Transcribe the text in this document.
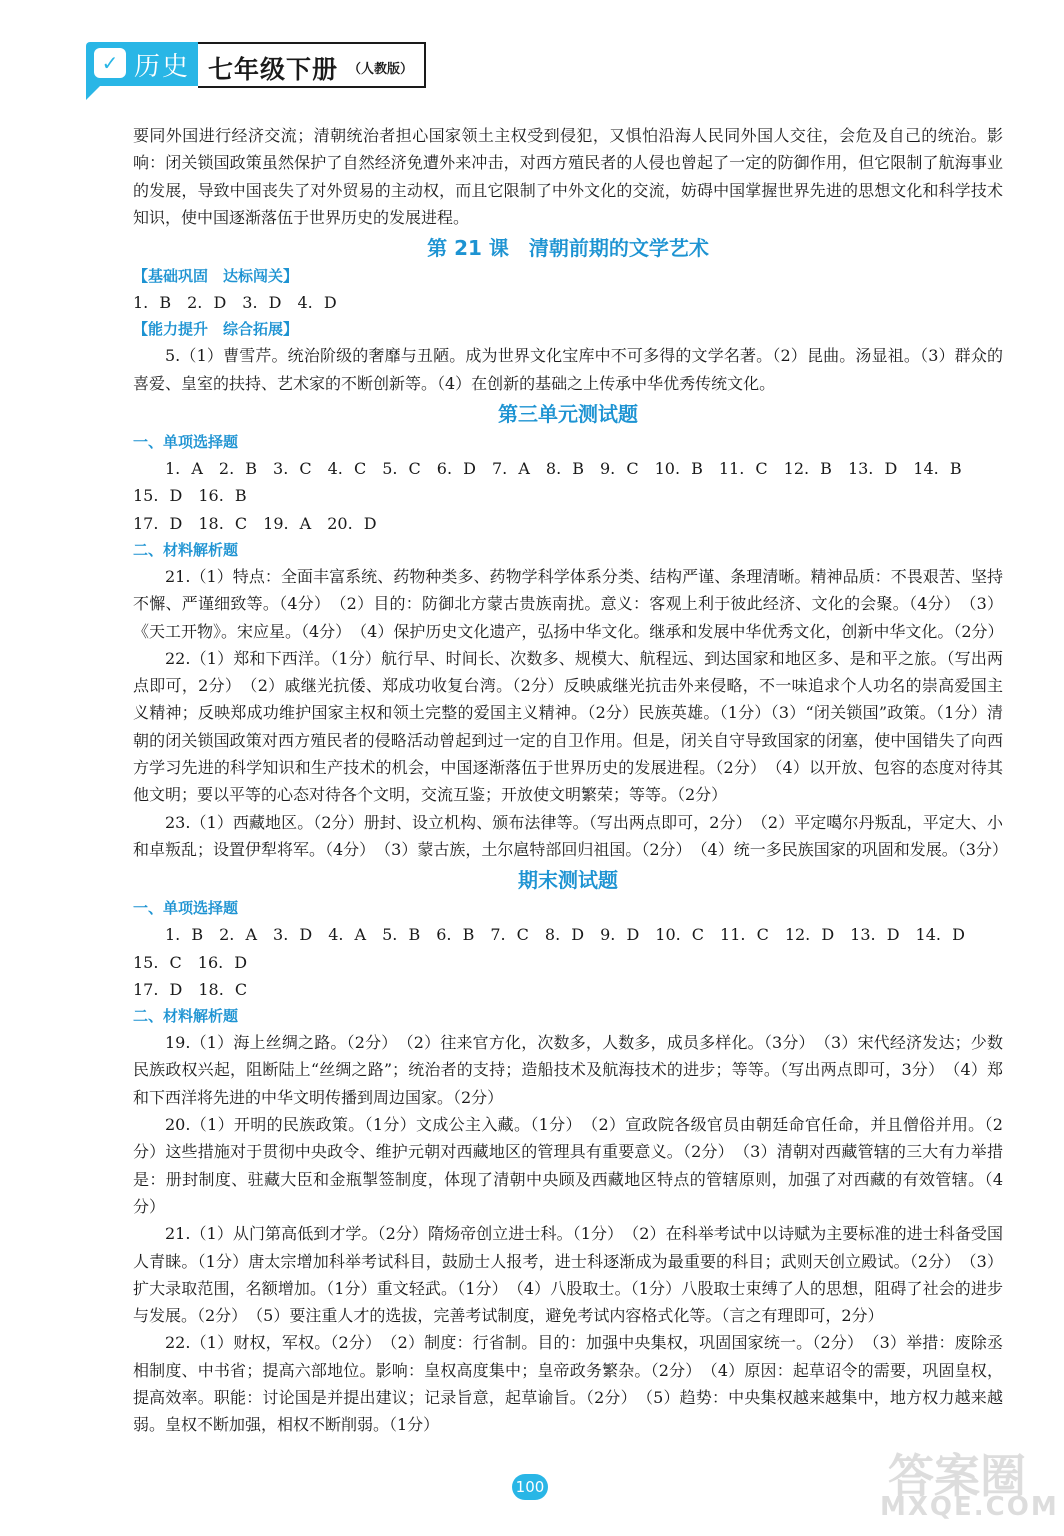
✓ 历史 七年级下册 （人教版）

要同外国进行经济交流；清朝统治者担心国家领土主权受到侵犯，又惧怕沿海人民同外国人交往，会危及自己的统治。影响：闭关锁国政策虽然保护了自然经济免遭外来冲击，对西方殖民者的人侵也曾起了一定的防御作用，但它限制了航海事业的发展，导致中国丧失了对外贸易的主动权，而且它限制了中外文化的交流，妨碍中国掌握世界先进的思想文化和科学技术知识，使中国逐渐落伍于世界历史的发展进程。

第 21 课　清朝前期的文学艺术
【基础巩固　达标闯关】

1. B　2. D　3. D　4. D

【能力提升　综合拓展】

5.（1）曹雪芹。统治阶级的奢靡与丑陋。成为世界文化宝库中不可多得的文学名著。（2）昆曲。汤显祖。（3）群众的喜爱、皇室的扶持、艺术家的不断创新等。（4）在创新的基础之上传承中华优秀传统文化。

第三单元测试题
一、单项选择题

1. A　2. B　3. C　4. C　5. C　6. D　7. A　8. B　9. C　10. B　11. C　12. B　13. D　14. B　15. D　16. B

17. D　18. C　19. A　20. D

二、材料解析题

21.（1）特点：全面丰富系统、药物种类多、药物学科学体系分类、结构严谨、条理清晰。精神品质：不畏艰苦、坚持不懈、严谨细致等。（4分）　（2）目的：防御北方蒙古贵族南扰。意义：客观上利于彼此经济、文化的会聚。（4分）　（3）《天工开物》。宋应星。（4分）　（4）保护历史文化遗产，弘扬中华文化。继承和发展中华优秀文化，创新中华文化。（2分）

22.（1）郑和下西洋。（1分）航行早、时间长、次数多、规模大、航程远、到达国家和地区多、是和平之旅。（写出两点即可，2分）　（2）戚继光抗倭、郑成功收复台湾。（2分）反映戚继光抗击外来侵略，不一味追求个人功名的崇高爱国主义精神；反映郑成功维护国家主权和领土完整的爱国主义精神。（2分）民族英雄。（1分）（3）“闭关锁国”政策。（1分）清朝的闭关锁国政策对西方殖民者的侵略活动曾起到过一定的自卫作用。但是，闭关自守导致国家的闭塞，使中国错失了向西方学习先进的科学知识和生产技术的机会，中国逐渐落伍于世界历史的发展进程。（2分）　（4）以开放、包容的态度对待其他文明；要以平等的心态对待各个文明，交流互鉴；开放使文明繁荣；等等。（2分）

23.（1）西藏地区。（2分）册封、设立机构、颁布法律等。（写出两点即可，2分）　（2）平定噶尔丹叛乱，平定大、小和卓叛乱；设置伊犁将军。（4分）　（3）蒙古族，土尔扈特部回归祖国。（2分）　（4）统一多民族国家的巩固和发展。（3分）

期末测试题
一、单项选择题

1. B　2. A　3. D　4. A　5. B　6. B　7. C　8. D　9. D　10. C　11. C　12. D　13. D　14. D　15. C　16. D

17. D　18. C

二、材料解析题

19.（1）海上丝绸之路。（2分）　（2）往来官方化，次数多，人数多，成员多样化。（3分）　（3）宋代经济发达；少数民族政权兴起，阻断陆上“丝绸之路”；统治者的支持；造船技术及航海技术的进步；等等。（写出两点即可，3分）　（4）郑和下西洋将先进的中华文明传播到周边国家。（2分）

20.（1）开明的民族政策。（1分）文成公主入藏。（1分）　（2）宣政院各级官员由朝廷命官任命，并且僧俗并用。（2分）这些措施对于贯彻中央政令、维护元朝对西藏地区的管理具有重要意义。（2分）　（3）清朝对西藏管辖的三大有力举措是：册封制度、驻藏大臣和金瓶掣签制度，体现了清朝中央顾及西藏地区特点的管辖原则，加强了对西藏的有效管辖。（4分）

21.（1）从门第高低到才学。（2分）隋炀帝创立进士科。（1分）　（2）在科举考试中以诗赋为主要标准的进士科备受国人青睐。（1分）唐太宗增加科举考试科目，鼓励士人报考，进士科逐渐成为最重要的科目；武则天创立殿试。（2分）　（3）扩大录取范围，名额增加。（1分）重文轻武。（1分）　（4）八股取士。（1分）八股取士束缚了人的思想，阻碍了社会的进步与发展。（2分）　（5）要注重人才的选拔，完善考试制度，避免考试内容格式化等。（言之有理即可，2分）

22.（1）财权，军权。（2分）　（2）制度：行省制。目的：加强中央集权，巩固国家统一。（2分）　（3）举措：废除丞相制度、中书省；提高六部地位。影响：皇权高度集中；皇帝政务繁杂。（2分）　（4）原因：起草诏令的需要，巩固皇权，提高效率。职能：讨论国是并提出建议；记录旨意，起草谕旨。（2分）　（5）趋势：中央集权越来越集中，地方权力越来越弱。皇权不断加强，相权不断削弱。（1分）

100	答案圈
MXQE.COM
